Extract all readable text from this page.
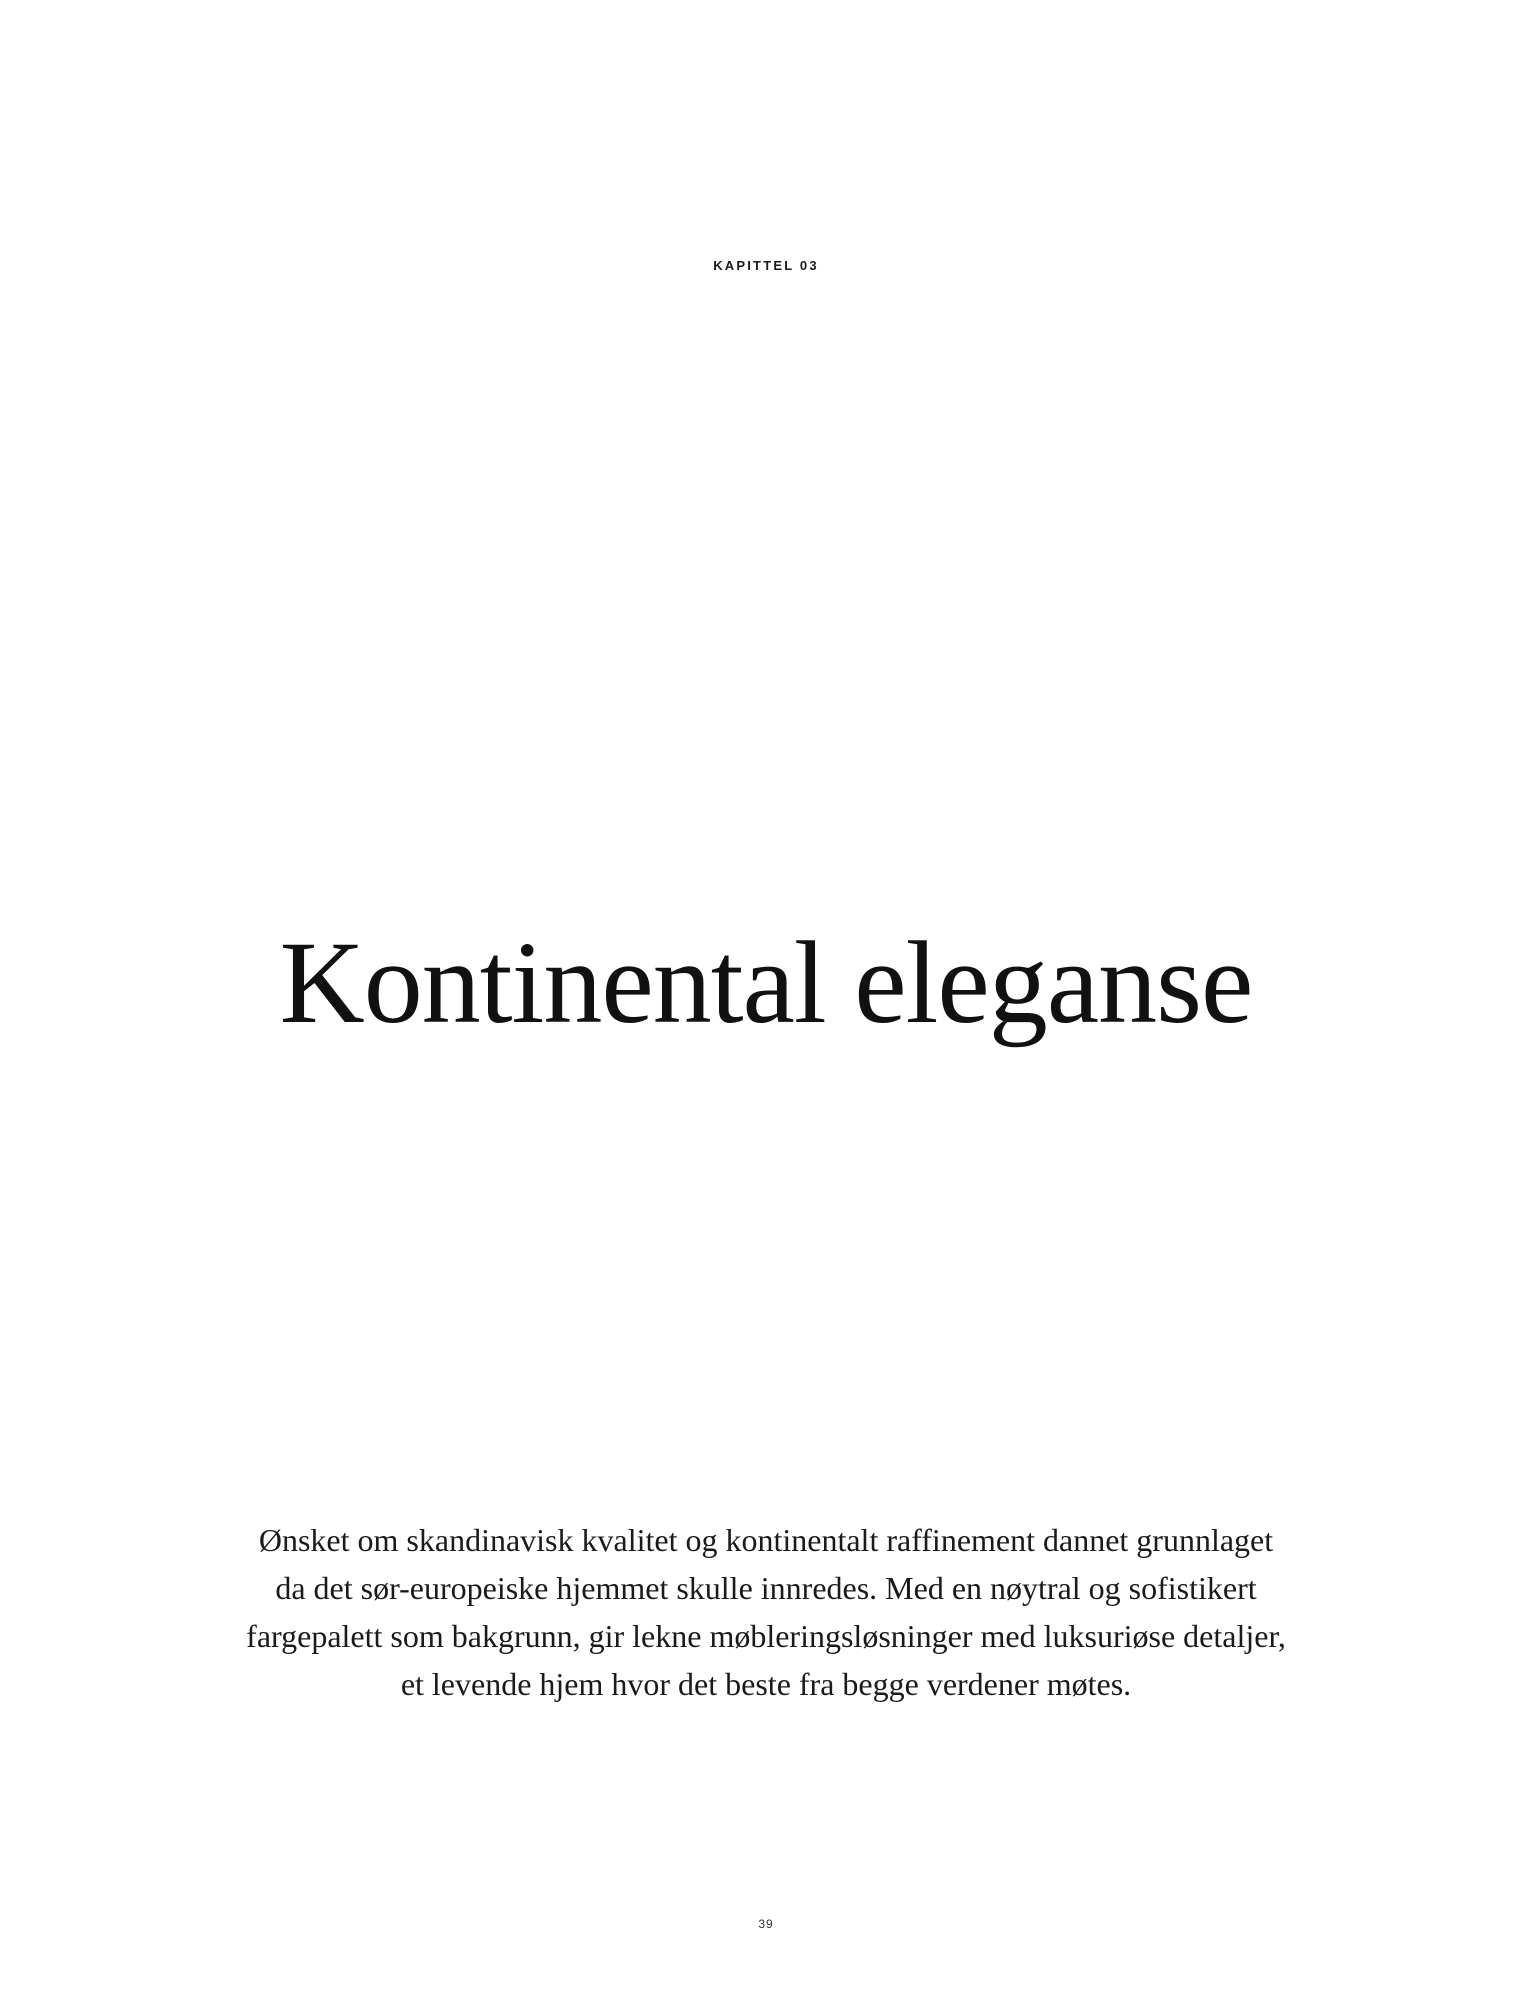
KAPITTEL 03
Kontinental eleganse

Ønsket om skandinavisk kvalitet og kontinentalt raffinement dannet grunnlaget
da det sør-europeiske hjemmet skulle innredes. Med en nøytral og sofistikert
fargepalett som bakgrunn, gir lekne møbleringsløsninger med luksuriøse detaljer,
et levende hjem hvor det beste fra begge verdener møtes.

39
